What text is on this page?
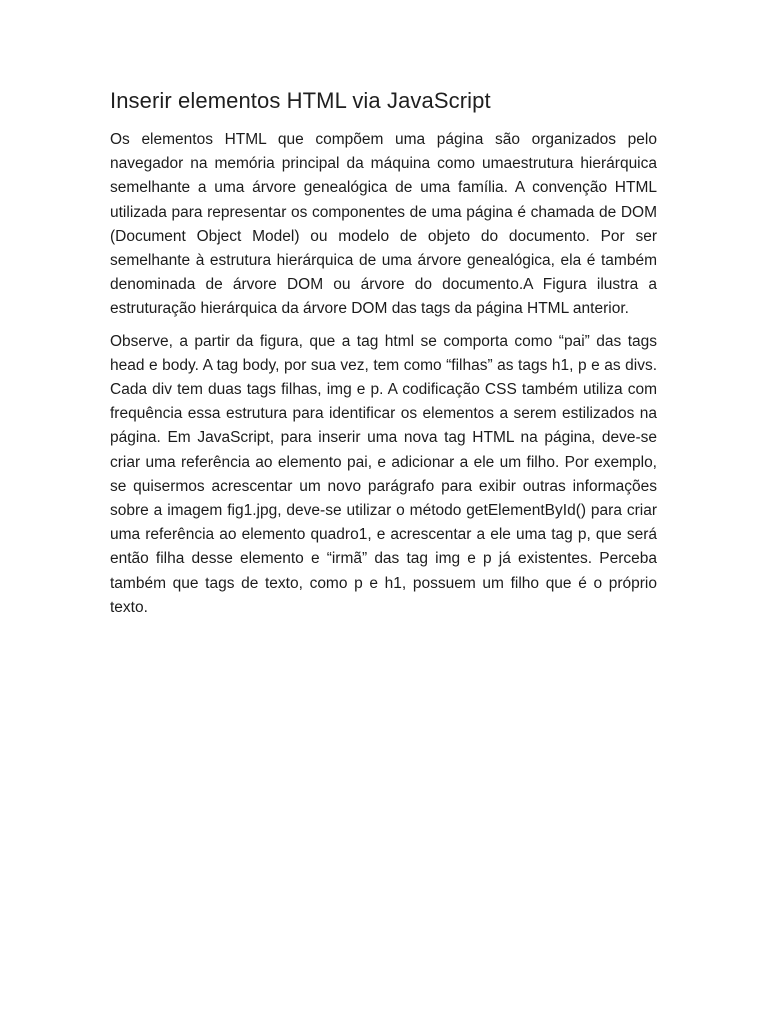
Inserir elementos HTML via JavaScript

Os elementos HTML que compõem uma página são organizados pelo navegador na memória principal da máquina como umaestrutura hierárquica semelhante a uma árvore genealógica de uma família. A convenção HTML utilizada para representar os componentes de uma página é chamada de DOM (Document Object Model) ou modelo de objeto do documento. Por ser semelhante à estrutura hierárquica de uma árvore genealógica, ela é também denominada de árvore DOM ou árvore do documento.A Figura ilustra a estruturação hierárquica da árvore DOM das tags da página HTML anterior.

Observe, a partir da figura, que a tag html se comporta como “pai” das tags head e body. A tag body, por sua vez, tem como “filhas” as tags h1, p e as divs. Cada div tem duas tags filhas, img e p. A codificação CSS também utiliza com frequência essa estrutura para identificar os elementos a serem estilizados na página. Em JavaScript, para inserir uma nova tag HTML na página, deve-se criar uma referência ao elemento pai, e adicionar a ele um filho. Por exemplo, se quisermos acrescentar um novo parágrafo para exibir outras informações sobre a imagem fig1.jpg, deve-se utilizar o método getElementById() para criar uma referência ao elemento quadro1, e acrescentar a ele uma tag p, que será então filha desse elemento e “irmã” das tag img e p já existentes. Perceba também que tags de texto, como p e h1, possuem um filho que é o próprio texto.
